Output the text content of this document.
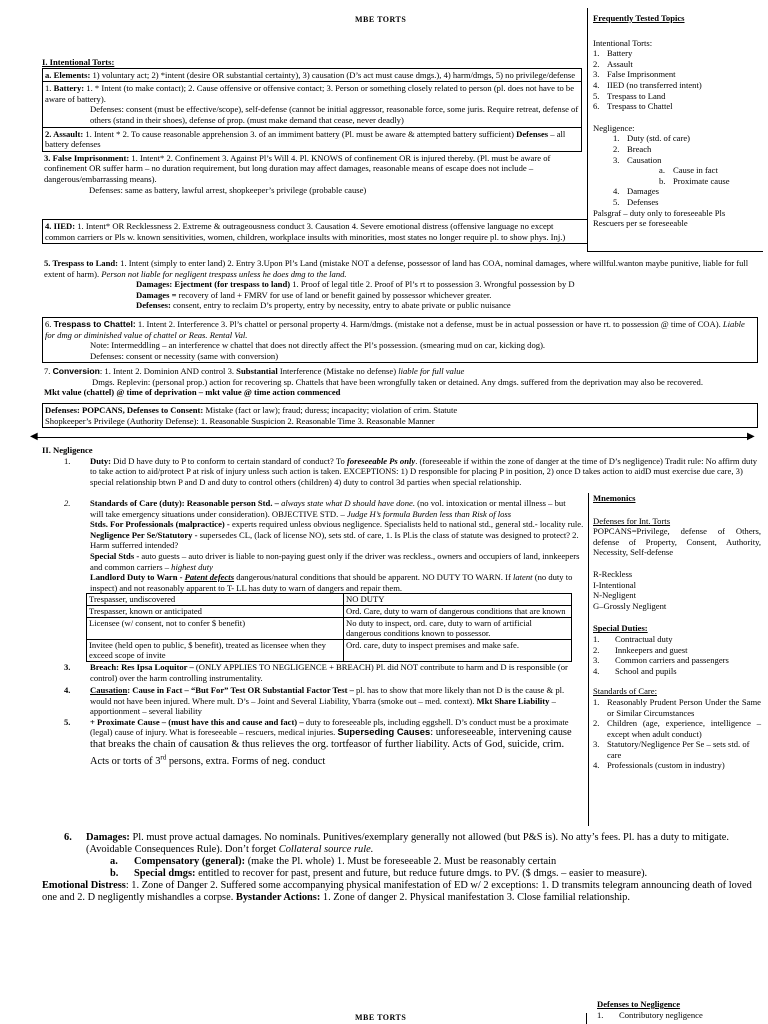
MBE TORTS	Frequently Tested Topics

Intentional Torts:

1. Battery
2. Assault
3. False Imprisonment
4. IIED (no transferred intent)
5. Trespass to Land
6. Trespass to Chattel

Negligence:

1. Duty (std. of care)
2. Breach
3. Causation
a. Cause in fact
b. Proximate cause
4. Damages
5. Defenses

Palsgraf – duty only to foreseeable Pls

Rescuers per se foreseeable

I. Intentional Torts:
a. Elements: 1) voluntary act; 2) *intent (desire OR substantial certainty), 3) causation (D’s act must cause dmgs.), 4) harm/dmgs, 5) no privilege/defense
1. Battery: 1. * Intent (to make contact); 2. Cause offensive or offensive contact; 3. Person or something closely related to person (pl. does not have to be aware of battery).
Defenses: consent (must be effective/scope), self-defense (cannot be initial aggressor, reasonable force, some juris. Require retreat, defense of others (stand in their shoes), defense of prop. (must make demand that cease, never deadly)
2. Assault: 1. Intent * 2. To cause reasonable apprehension 3. of an immiment battery (Pl. must be aware & attempted battery sufficient) Defenses – all battery defenses
3. False Imprisonment: 1. Intent* 2. Confinement 3. Against Pl’s Will 4. Pl. KNOWS of confinement OR is injured thereby. (Pl. must be aware of confinement OR suffer harm – no duration requirement, but long duration may affect damages, reasonable means of escape does not include – dangerous/embarrassing means).
Defenses: same as battery, lawful arrest, shopkeeper’s privilege (probable cause)
4. IIED: 1. Intent* OR Recklessness 2. Extreme & outrageousness conduct 3. Causation 4. Severe emotional distress (offensive language no except common carriers or Pls w. known sensitivities, women, children, workplace insults with minorities, most states no longer require pl. to show phys. Inj.)
5. Trespass to Land: 1. Intent (simply to enter land) 2. Entry 3.Upon Pl’s Land (mistake NOT a defense, possessor of land has COA, nominal damages, where willful.wanton maybe punitive, liable for full extent of harm). Person not liable for negligent trespass unless he does dmg to the land.
Damages: Ejectment (for trespass to land) 1. Proof of legal title 2. Proof of Pl’s rt to possession 3. Wrongful possession by D
Damages = recovery of land + FMRV for use of land or benefit gained by possessor whichever greater.
Defenses: consent, entry to reclaim D’s property, entry by necessity, entry to abate private or public nuisance
6. Trespass to Chattel: 1. Intent 2. Interference 3. Pl’s chattel or personal property 4. Harm/dmgs. (mistake not a defense, must be in actual possession or have rt. to possession @ time of COA). Liable for dmg or diminished value of chattel or Reas. Rental Val.
Note: Intermeddling – an interference w chattel that does not directly affect the Pl’s possession. (smearing mud on car, kicking dog).
Defenses: consent or necessity (same with conversion)
7. Conversion: 1. Intent 2. Dominion AND control 3. Substantial Interference (Mistake no defense) liable for full value
Dmgs. Replevin: (personal prop.) action for recovering sp. Chattels that have been wrongfully taken or detained. Any dmgs. suffered from the deprivation may also be recovered.
Mkt value (chattel) @ time of deprivation – mkt value @ time action commenced
Defenses: POPCANS, Defenses to Consent: Mistake (fact or law); fraud; duress; incapacity; violation of crim. Statute
Shopkeeper’s Privilege (Authority Defense): 1. Reasonable Suspicion 2. Reasonable Time 3. Reasonable Manner
◀	▶
II. Negligence
1.	Duty: Did D have duty to P to conform to certain standard of conduct? To foreseeable Ps only. (foreseeable if within the zone of danger at the time of D’s negligence) Tradit rule: No affirm duty to take action to aid/protect P at risk of injury unless such action is taken. EXCEPTIONS: 1) D responsible for placing P in position, 2) once D takes action to aidD must exercise due care, 3) special relationship btwn P and D and duty to control others (children) 4) duty to control 3d parties when special relationship.
2.	Standards of Care (duty): Reasonable person Std. – always state what D should have done. (no vol. intoxication or mental illness – but will take emergency situations under consideration). OBJECTIVE STD. – Judge H’s formula Burden less than Risk of loss
Stds. For Professionals (malpractice) - experts required unless obvious negligence. Specialists held to national std., general std.- locality rule.
Negligence Per Se/Statutory - supersedes CL, (lack of license NO), sets std. of care, 1. Is Pl.is the class of statute was designed to protect? 2. Harm sufferred intended?
Special Stds - auto guests – auto driver is liable to non-paying guest only if the driver was reckless., owners and occupiers of land, innkeepers and common carriers – highest duty
Landlord Duty to Warn - Patent defects dangerous/natural conditions that should be apparent. NO DUTY TO WARN. If latent (no duty to inspect) and not reasonably apparent to T- LL has duty to warn of dangers and repair them.
Trespasser, undiscovered	NO DUTY
Trespasser, known or anticipated	Ord. Care, duty to warn of dangerous conditions that are known
Licensee (w/ consent, not to confer $ benefit)	No duty to inspect, ord. care, duty to warn of artificial dangerous conditions known to possessor.
Invitee (held open to public, $ benefit), treated as licensee when they exceed scope of invite	Ord. care, duty to inspect premises and make safe.
3.	Breach: Res Ipsa Loquitor – (ONLY APPLIES TO NEGLIGENCE + BREACH) Pl. did NOT contribute to harm and D is responsible (or control) over the harm controlling instrumentality.
4.	Causation: Cause in Fact – “But For” Test OR Substantial Factor Test – pl. has to show that more likely than not D is the cause & pl. would not have been injured. Where mult. D’s – Joint and Several Liability, Ybarra (smoke out – med. context). Mkt Share Liability – apportionment – several liability
5.	+ Proximate Cause – (must have this and cause and fact) – duty to foreseeable pls, including eggshell. D’s conduct must be a proximate (legal) cause of injury. What is foreseeable – rescuers, medical injuries. Superseding Causes: unforeseeable, intervening cause that breaks the chain of causation & thus relieves the org. tortfeasor of further liability. Acts of God, suicide, crim. Acts or torts of 3rd persons, extra. Forms of neg. conduct

Mnemonics

Defenses for Int. Torts

POPCANS=Privilege, defense of Others, defense of Property, Consent, Authority, Necessity, Self-defense

R-Reckless

I-Intentional

N-Negligent

G–Grossly Negligent

Special Duties:

1.	Contractual duty
2.	Innkeepers and guest
3.	Common carriers and passengers
4.	School and pupils

Standards of Care:

1. Reasonably Prudent Person Under the Same or Similar Circumstances
2. Children (age, experience, intelligence – except when adult conduct)
3. Statutory/Negligence Per Se – sets std. of care
4. Professionals (custom in industry)
6.	Damages: Pl. must prove actual damages. No nominals. Punitives/exemplary generally not allowed (but P&S is). No atty’s fees. Pl. has a duty to mitigate. (Avoidable Consequences Rule). Don’t forget Collateral source rule.
a.	Compensatory (general): (make the Pl. whole) 1. Must be foreseeable 2. Must be reasonably certain
b.	Special dmgs: entitled to recover for past, present and future, but reduce future dmgs. to PV. ($ dmgs. – easier to measure).
Emotional Distress: 1. Zone of Danger 2. Suffered some accompanying physical manifestation of ED w/ 2 exceptions: 1. D transmits telegram announcing death of loved one and 2. D negligently mishandles a corpse. Bystander Actions: 1. Zone of danger 2. Physical manifestation 3. Close familial relationship.
MBE TORTS
Defenses to Negligence
1.	Contributory negligence
